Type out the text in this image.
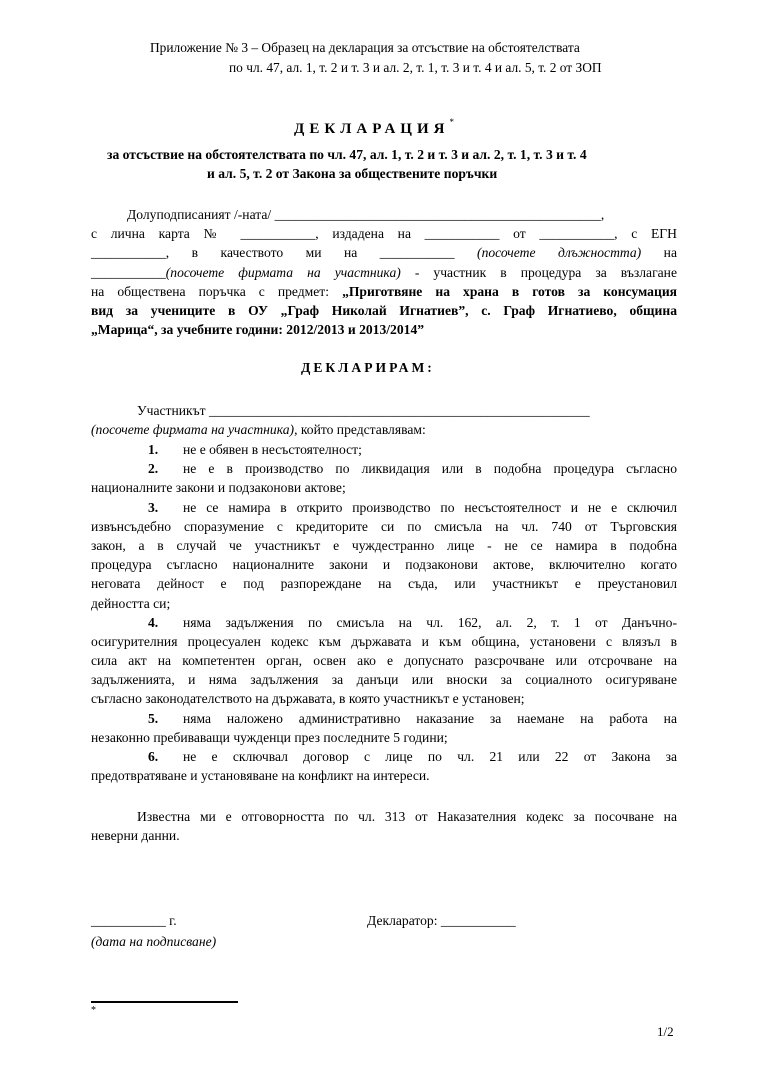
Приложение № 3 – Образец на декларация за отсъствие на обстоятелствата
по чл. 47, ал. 1, т. 2 и т. 3 и ал. 2, т. 1, т. 3 и т. 4 и ал. 5, т. 2 от ЗОП
ДЕКЛАРАЦИЯ*
за отсъствие на обстоятелствата по чл. 47, ал. 1, т. 2 и т. 3 и ал. 2, т. 1, т. 3 и т. 4
и ал. 5, т. 2 от Закона за обществените поръчки
Долуподписаният /-ната/ ________________________________________________,
с лична карта № ___________, издадена на ___________ от ___________, с ЕГН
___________, в качеството ми на ___________ (посочете длъжността) на
___________(посочете фирмата на участника) - участник в процедура за възлагане
на обществена поръчка с предмет: „Приготвяне на храна в готов за консумация
вид за учениците в ОУ „Граф Николай Игнатиев”, с. Граф Игнатиево, община
„Марица“, за учебните години: 2012/2013 и 2013/2014”
ДЕКЛАРИРАМ:
Участникът ________________________________________________________
(посочете фирмата на участника), който представлявам:
1. не е обявен в несъстоятелност;
2. не е в производство по ликвидация или в подобна процедура съгласно
националните закони и подзаконови актове;
3. не се намира в открито производство по несъстоятелност и не е сключил
извънсъдебно споразумение с кредиторите си по смисъла на чл. 740 от Търговския
закон, а в случай че участникът е чуждестранно лице - не се намира в подобна
процедура съгласно националните закони и подзаконови актове, включително когато
неговата дейност е под разпореждане на съда, или участникът е преустановил
дейността си;
4. няма задължения по смисъла на чл. 162, ал. 2, т. 1 от Данъчно-
осигурителния процесуален кодекс към държавата и към община, установени с влязъл в
сила акт на компетентен орган, освен ако е допуснато разсрочване или отсрочване на
задълженията, и няма задължения за данъци или вноски за социалното осигуряване
съгласно законодателството на държавата, в която участникът е установен;
5. няма наложено административно наказание за наемане на работа на
незаконно пребиваващи чужденци през последните 5 години;
6. не е сключвал договор с лице по чл. 21 или 22 от Закона за
предотвратяване и установяване на конфликт на интереси.
Известна ми е отговорността по чл. 313 от Наказателния кодекс за посочване на
неверни данни.
___________ г.	Декларатор: ___________
(дата на подписване)
*
1/2
